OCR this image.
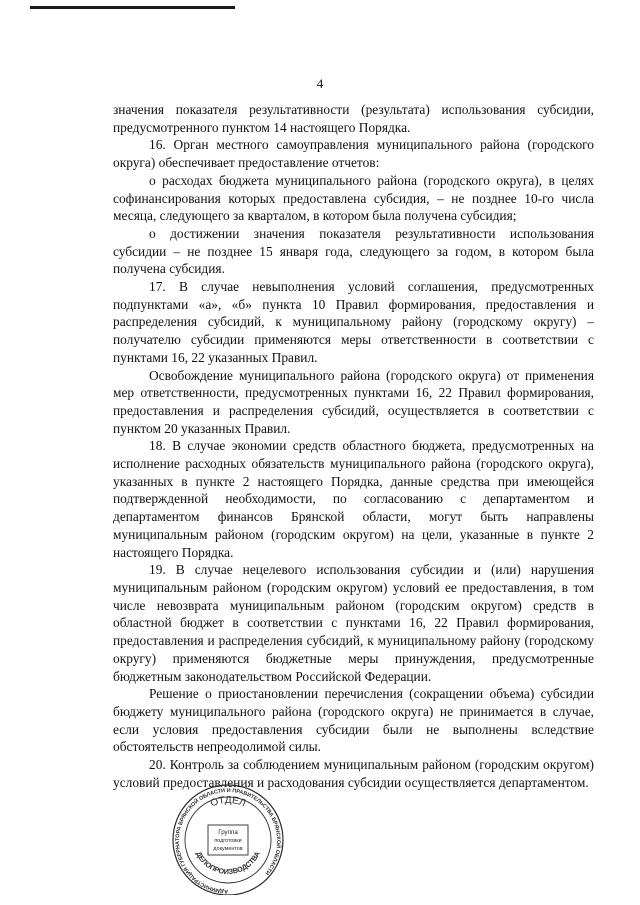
4

значения показателя результативности (результата) использования субсидии, предусмотренного пунктом 14 настоящего Порядка.

16. Орган местного самоуправления муниципального района (городского округа) обеспечивает предоставление отчетов:

о расходах бюджета муниципального района (городского округа), в целях софинансирования которых предоставлена субсидия, – не позднее 10-го числа месяца, следующего за кварталом, в котором была получена субсидия;

о достижении значения показателя результативности использования субсидии – не позднее 15 января года, следующего за годом, в котором была получена субсидия.

17. В случае невыполнения условий соглашения, предусмотренных подпунктами «а», «б» пункта 10 Правил формирования, предоставления и распределения субсидий, к муниципальному району (городскому округу) – получателю субсидии применяются меры ответственности в соответствии с пунктами 16, 22 указанных Правил.

Освобождение муниципального района (городского округа) от применения мер ответственности, предусмотренных пунктами 16, 22 Правил формирования, предоставления и распределения субсидий, осуществляется в соответствии с пунктом 20 указанных Правил.

18. В случае экономии средств областного бюджета, предусмотренных на исполнение расходных обязательств муниципального района (городского округа), указанных в пункте 2 настоящего Порядка, данные средства при имеющейся подтвержденной необходимости, по согласованию с департаментом и департаментом финансов Брянской области, могут быть направлены муниципальным районом (городским округом) на цели, указанные в пункте 2 настоящего Порядка.

19. В случае нецелевого использования субсидии и (или) нарушения муниципальным районом (городским округом) условий ее предоставления, в том числе невозврата муниципальным районом (городским округом) средств в областной бюджет в соответствии с пунктами 16, 22 Правил формирования, предоставления и распределения субсидий, к муниципальному району (городскому округу) применяются бюджетные меры принуждения, предусмотренные бюджетным законодательством Российской Федерации.

Решение о приостановлении перечисления (сокращении объема) субсидии бюджету муниципального района (городского округа) не принимается в случае, если условия предоставления субсидии были не выполнены вследствие обстоятельств непреодолимой силы.

20. Контроль за соблюдением муниципальным районом (городским округом) условий предоставления и расходования субсидии осуществляется департаментом.

АДМИНИСТРАЦИЯ ГУБЕРНАТОРА БРЯНСКОЙ ОБЛАСТИ И ПРАВИТЕЛЬСТВА БРЯНСКОЙ ОБЛАСТИ
ОТДЕЛ
ДЕЛОПРОИЗВОДСТВА
Группа
подготовки
документов
